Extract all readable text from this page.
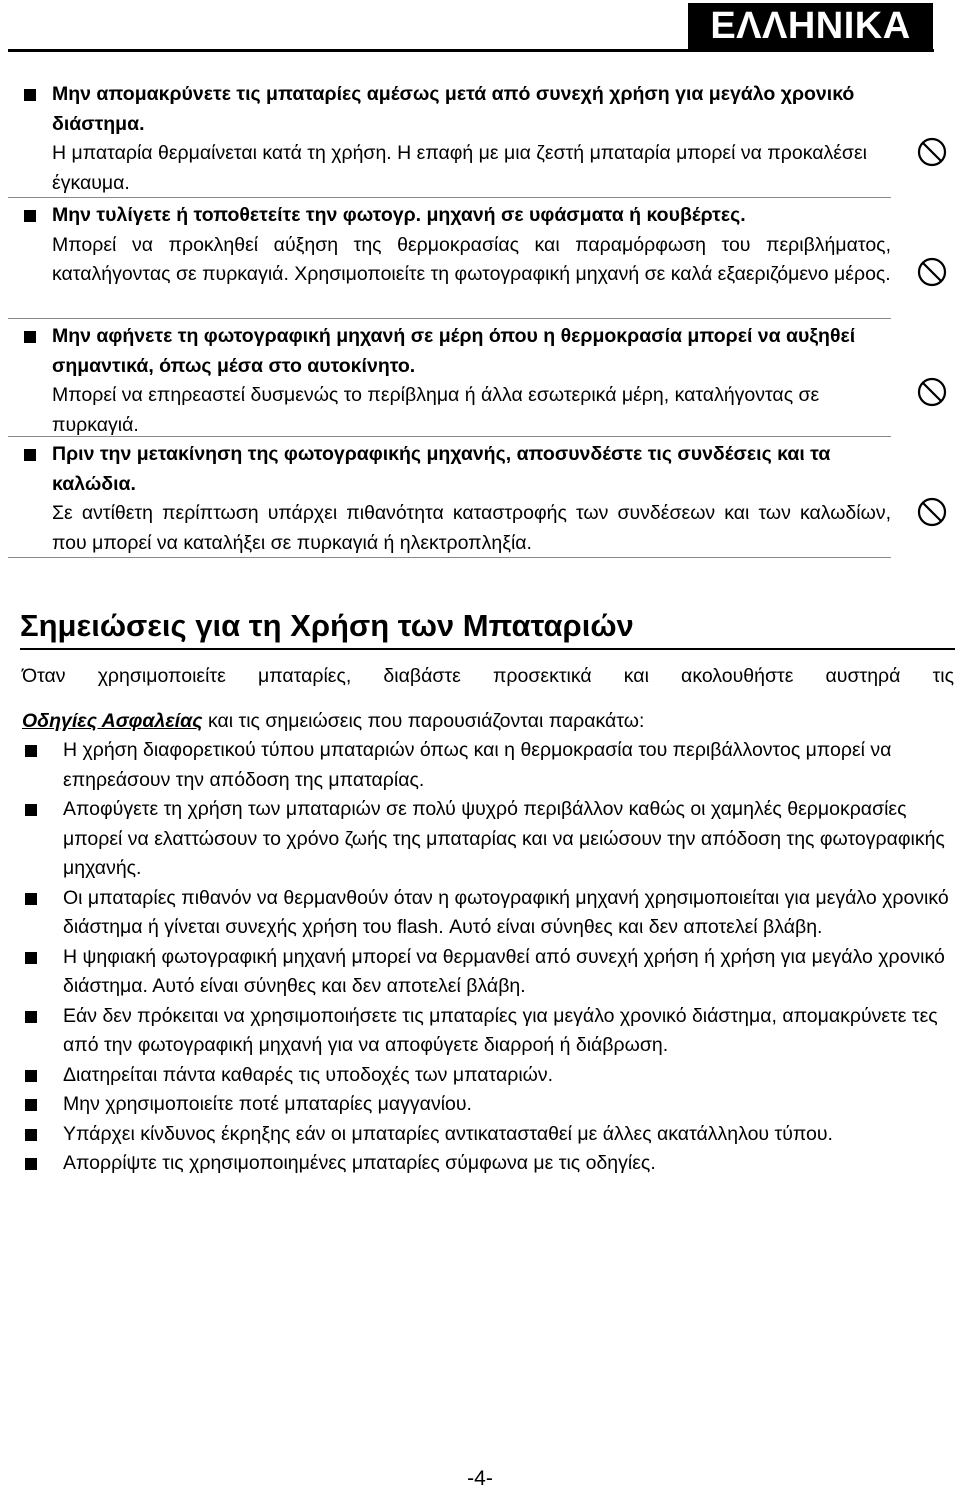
ΕΛΛΗΝΙΚΑ
Μην απομακρύνετε τις μπαταρίες αμέσως μετά από συνεχή χρήση για μεγάλο χρονικό διάστημα.
Η μπαταρία θερμαίνεται κατά τη χρήση. Η επαφή με μια ζεστή μπαταρία μπορεί να προκαλέσει έγκαυμα.
Μην τυλίγετε ή τοποθετείτε την φωτογρ. μηχανή σε υφάσματα ή κουβέρτες.
Μπορεί να προκληθεί αύξηση της θερμοκρασίας και παραμόρφωση του περιβλήματος, καταλήγοντας σε πυρκαγιά. Χρησιμοποιείτε τη φωτογραφική μηχανή σε καλά εξαεριζόμενο μέρος.
Μην αφήνετε τη φωτογραφική μηχανή σε μέρη όπου η θερμοκρασία μπορεί να αυξηθεί σημαντικά, όπως μέσα στο αυτοκίνητο.
Μπορεί να επηρεαστεί δυσμενώς το περίβλημα ή άλλα εσωτερικά μέρη, καταλήγοντας σε πυρκαγιά.
Πριν την μετακίνηση της φωτογραφικής μηχανής, αποσυνδέστε τις συνδέσεις και τα καλώδια.
Σε αντίθετη περίπτωση υπάρχει πιθανότητα καταστροφής των συνδέσεων και των καλωδίων, που μπορεί να καταλήξει σε πυρκαγιά ή ηλεκτροπληξία.
Σημειώσεις για τη Χρήση των Μπαταριών
Όταν χρησιμοποιείτε μπαταρίες, διαβάστε προσεκτικά και ακολουθήστε αυστηρά τις
Οδηγίες Ασφαλείας και τις σημειώσεις που παρουσιάζονται παρακάτω:
Η χρήση διαφορετικού τύπου μπαταριών όπως και η θερμοκρασία του περιβάλλοντος μπορεί να επηρεάσουν την απόδοση της μπαταρίας.
Αποφύγετε τη χρήση των μπαταριών σε πολύ ψυχρό περιβάλλον καθώς οι χαμηλές θερμοκρασίες μπορεί να ελαττώσουν το χρόνο ζωής της μπαταρίας και να μειώσουν την απόδοση της φωτογραφικής μηχανής.
Οι μπαταρίες πιθανόν να θερμανθούν όταν η φωτογραφική μηχανή χρησιμοποιείται για μεγάλο χρονικό διάστημα ή γίνεται συνεχής χρήση του flash. Αυτό είναι σύνηθες και δεν αποτελεί βλάβη.
Η ψηφιακή φωτογραφική μηχανή μπορεί να θερμανθεί από συνεχή χρήση ή χρήση για μεγάλο χρονικό διάστημα. Αυτό είναι σύνηθες και δεν αποτελεί βλάβη.
Εάν δεν πρόκειται να χρησιμοποιήσετε τις μπαταρίες για μεγάλο χρονικό διάστημα, απομακρύνετε τες από την φωτογραφική μηχανή για να αποφύγετε διαρροή ή διάβρωση.
Διατηρείται πάντα καθαρές τις υποδοχές των μπαταριών.
Μην χρησιμοποιείτε ποτέ μπαταρίες μαγγανίου.
Υπάρχει κίνδυνος έκρηξης εάν οι μπαταρίες αντικατασταθεί με άλλες ακατάλληλου τύπου.
Απορρίψτε τις χρησιμοποιημένες μπαταρίες σύμφωνα με τις οδηγίες.
-4-
